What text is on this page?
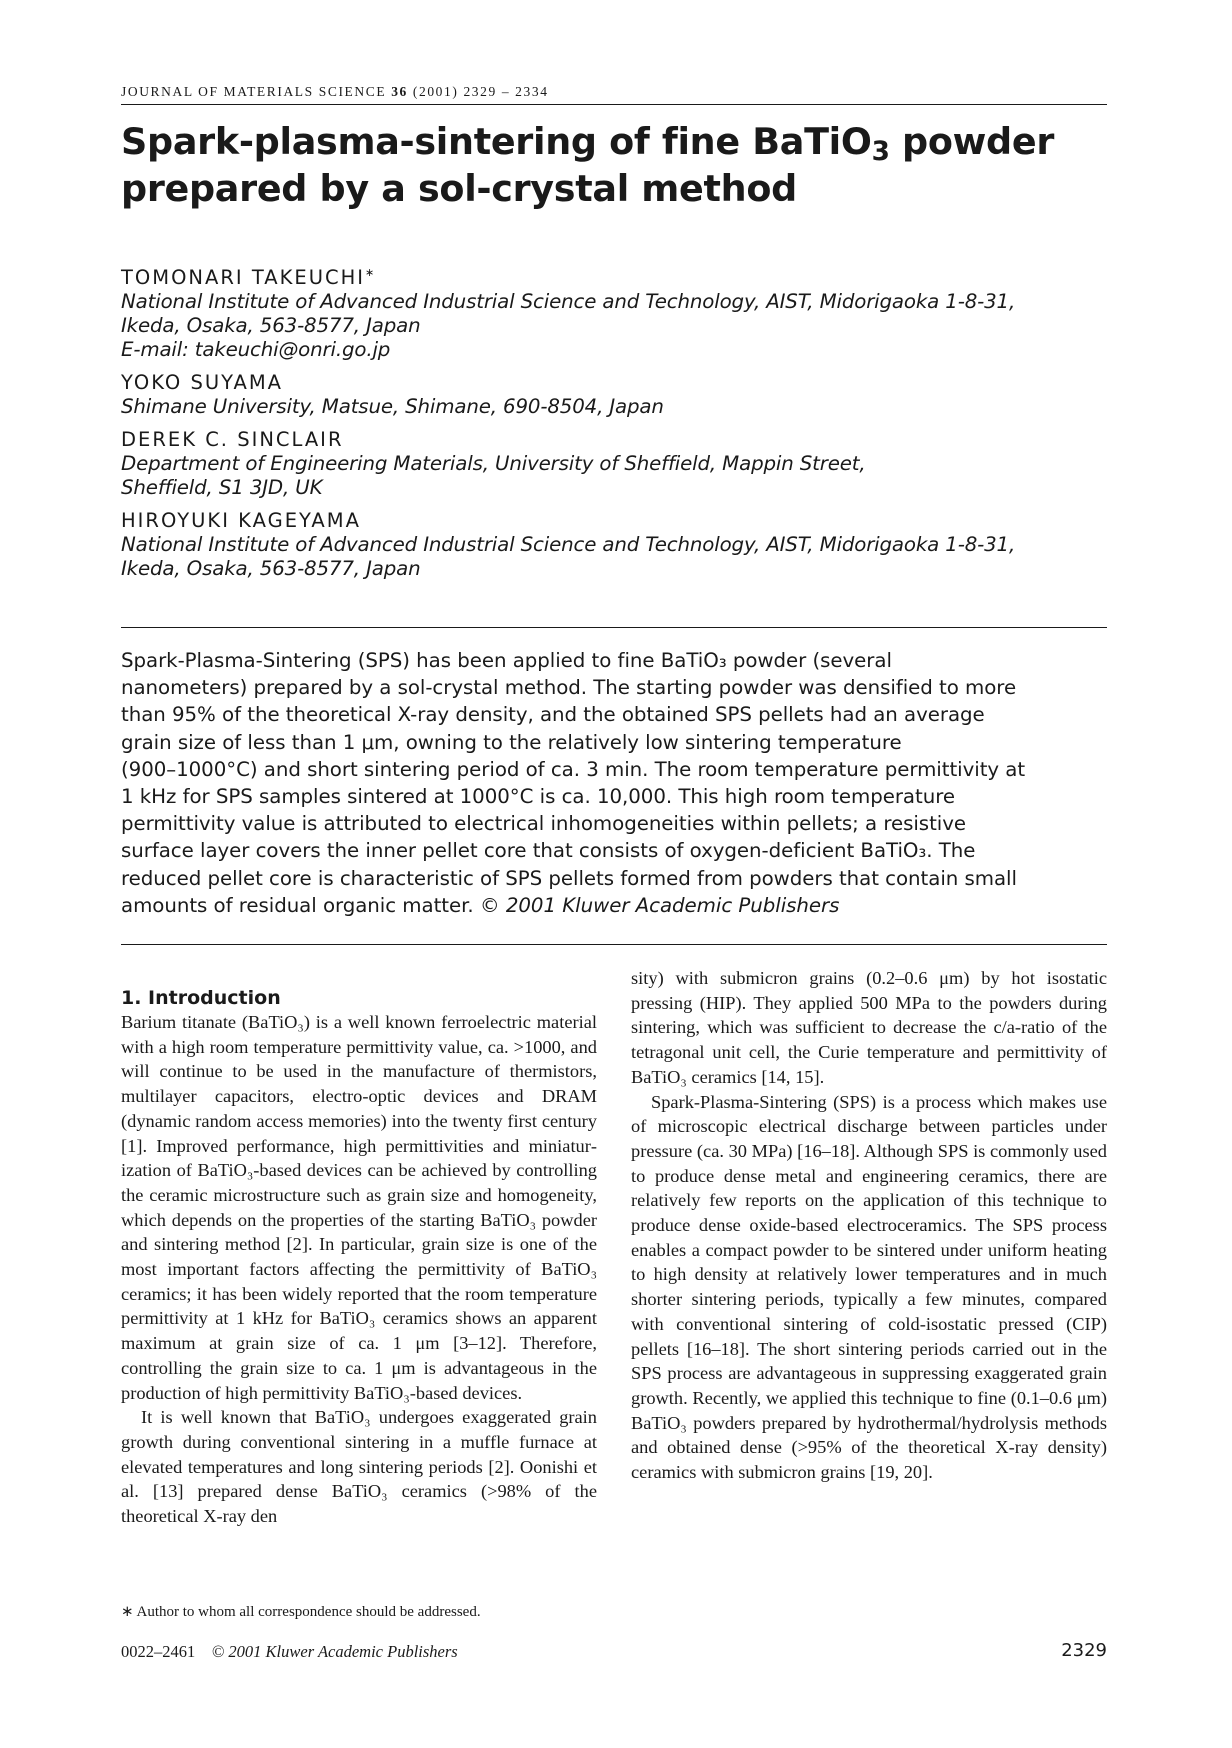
JOURNAL OF MATERIALS SCIENCE 36 (2001) 2329 – 2334
Spark-plasma-sintering of fine BaTiO$_3$ powder
prepared by a sol-crystal method
TOMONARI TAKEUCHI∗
National Institute of Advanced Industrial Science and Technology, AIST, Midorigaoka 1-8-31,
Ikeda, Osaka, 563-8577, Japan
E-mail: takeuchi@onri.go.jp
YOKO SUYAMA
Shimane University, Matsue, Shimane, 690-8504, Japan
DEREK C. SINCLAIR
Department of Engineering Materials, University of Sheffield, Mappin Street,
Sheffield, S1 3JD, UK
HIROYUKI KAGEYAMA
National Institute of Advanced Industrial Science and Technology, AIST, Midorigaoka 1-8-31,
Ikeda, Osaka, 563-8577, Japan
Spark-Plasma-Sintering (SPS) has been applied to fine BaTiO₃ powder (several
nanometers) prepared by a sol-crystal method. The starting powder was densified to more
than 95% of the theoretical X-ray density, and the obtained SPS pellets had an average
grain size of less than 1 μm, owning to the relatively low sintering temperature
(900–1000°C) and short sintering period of ca. 3 min. The room temperature permittivity at
1 kHz for SPS samples sintered at 1000°C is ca. 10,000. This high room temperature
permittivity value is attributed to electrical inhomogeneities within pellets; a resistive
surface layer covers the inner pellet core that consists of oxygen-deficient BaTiO₃. The
reduced pellet core is characteristic of SPS pellets formed from powders that contain small
amounts of residual organic matter. © 2001 Kluwer Academic Publishers
1. Introduction

Barium titanate (BaTiO₃) is a well known ferroelectric material with a high room temperature permittivity value, ca. >1000, and will continue to be used in the manufacture of thermistors, multilayer capacitors, electro-optic devices and DRAM (dynamic random access memories) into the twenty first century [1]. Improved performance, high permittivities and miniaturization of BaTiO₃-based devices can be achieved by controlling the ceramic microstructure such as grain size and homogeneity, which depends on the properties of the starting BaTiO₃ powder and sintering method [2]. In particular, grain size is one of the most important factors affecting the permittivity of BaTiO₃ ceramics; it has been widely reported that the room temperature permittivity at 1 kHz for BaTiO₃ ceramics shows an apparent maximum at grain size of ca. 1 μm [3–12]. Therefore, controlling the grain size to ca. 1 μm is advantageous in the production of high permittivity BaTiO₃-based devices.

It is well known that BaTiO₃ undergoes exaggerated grain growth during conventional sintering in a muffle furnace at elevated temperatures and long sintering periods [2]. Oonishi et al. [13] prepared dense BaTiO₃ ceramics (>98% of the theoretical X-ray den

sity) with submicron grains (0.2–0.6 μm) by hot isostatic pressing (HIP). They applied 500 MPa to the powders during sintering, which was sufficient to decrease the c/a-ratio of the tetragonal unit cell, the Curie temperature and permittivity of BaTiO₃ ceramics [14, 15].

Spark-Plasma-Sintering (SPS) is a process which makes use of microscopic electrical discharge between particles under pressure (ca. 30 MPa) [16–18]. Although SPS is commonly used to produce dense metal and engineering ceramics, there are relatively few reports on the application of this technique to produce dense oxide-based electroceramics. The SPS process enables a compact powder to be sintered under uniform heating to high density at relatively lower temperatures and in much shorter sintering periods, typically a few minutes, compared with conventional sintering of cold-isostatic pressed (CIP) pellets [16–18]. The short sintering periods carried out in the SPS process are advantageous in suppressing exaggerated grain growth. Recently, we applied this technique to fine (0.1–0.6 μm) BaTiO₃ powders prepared by hydrothermal/hydrolysis methods and obtained dense (>95% of the theoretical X-ray density) ceramics with submicron grains [19, 20].

∗ Author to whom all correspondence should be addressed.
0022–2461 © 2001 Kluwer Academic Publishers	2329
